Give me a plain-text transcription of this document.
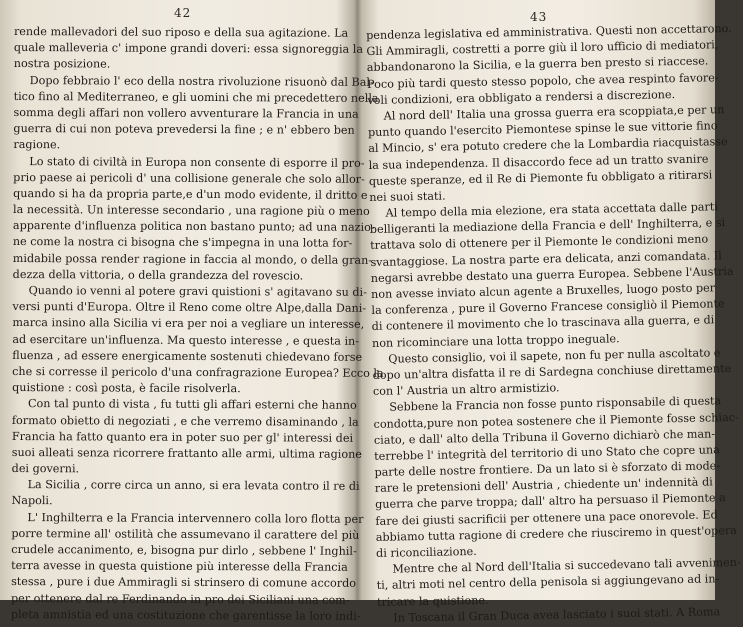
42
rende mallevadori del suo riposo e della sua agitazione. La
quale malleveria c' impone grandi doveri: essa signoreggia la
nostra posizione.
Dopo febbraio l' eco della nostra rivoluzione risuonò dal Bal-
tico fino al Mediterraneo, e gli uomini che mi precedettero nella
somma degli affari non vollero avventurare la Francia in una
guerra di cui non poteva prevedersi la fine ; e n' ebbero ben
ragione.
Lo stato di civiltà in Europa non consente di esporre il pro-
prio paese ai pericoli d' una collisione generale che solo allor-
quando si ha da propria parte,e d'un modo evidente, il dritto e
la necessità. Un interesse secondario , una ragione più o meno
apparente d'influenza politica non bastano punto; ad una nazio-
ne come la nostra ci bisogna che s'impegna in una lotta for-
midabile possa render ragione in faccia al mondo, o della gran-
dezza della vittoria, o della grandezza del rovescio.
Quando io venni al potere gravi quistioni s' agitavano su di-
versi punti d'Europa. Oltre il Reno come oltre Alpe,dalla Dani-
marca insino alla Sicilia vi era per noi a vegliare un interesse,
ad esercitare un'influenza. Ma questo interesse , e questa in-
fluenza , ad essere energicamente sostenuti chiedevano forse
che si corresse il pericolo d'una confragrazione Europea? Ecco la
quistione : così posta, è facile risolverla.
Con tal punto di vista , fu tutti gli affari esterni che hanno
formato obietto di negoziati , e che verremo disaminando , la
Francia ha fatto quanto era in poter suo per gl' interessi dei
suoi alleati senza ricorrere frattanto alle armi, ultima ragione
dei governi.
La Sicilia , corre circa un anno, si era levata contro il re di
Napoli.
L' Inghilterra e la Francia intervennero colla loro flotta per
porre termine all' ostilità che assumevano il carattere del più
crudele accanimento, e, bisogna pur dirlo , sebbene l' Inghil-
terra avesse in questa quistione più interesse della Francia
stessa , pure i due Ammiragli si strinsero di comune accordo
per ottenere dal re Ferdinando in pro dei Siciliani una com-
pleta amnistia ed una costituzione che garentisse la loro indi-
43
pendenza legislativa ed amministrativa. Questi non accettarono.
Gli Ammiragli, costretti a porre giù il loro ufficio di mediatori,
abbandonarono la Sicilia, e la guerra ben presto si riaccese.
Poco più tardi questo stesso popolo, che avea respinto favore-
voli condizioni, era obbligato a rendersi a discrezione.
Al nord dell' Italia una grossa guerra era scoppiata,e per un
punto quando l'esercito Piemontese spinse le sue vittorie fino
al Mincio, s' era potuto credere che la Lombardia riacquistasse
la sua independenza. Il disaccordo fece ad un tratto svanire
queste speranze, ed il Re di Piemonte fu obbligato a ritirarsi
nei suoi stati.
Al tempo della mia elezione, era stata accettata dalle parti
belligeranti la mediazione della Francia e dell' Inghilterra, e si
trattava solo di ottenere per il Piemonte le condizioni meno
svantaggiose. La nostra parte era delicata, anzi comandata. Il
negarsi avrebbe destato una guerra Europea. Sebbene l'Austria
non avesse inviato alcun agente a Bruxelles, luogo posto per
la conferenza , pure il Governo Francese consigliò il Piemonte
di contenere il movimento che lo trascinava alla guerra, e di
non ricominciare una lotta troppo ineguale.
Questo consiglio, voi il sapete, non fu per nulla ascoltato e
dopo un'altra disfatta il re di Sardegna conchiuse direttamente
con l' Austria un altro armistizio.
Sebbene la Francia non fosse punto risponsabile di questa
condotta,pure non potea sostenere che il Piemonte fosse schiac-
ciato, e dall' alto della Tribuna il Governo dichiarò che man-
terrebbe l' integrità del territorio di uno Stato che copre una
parte delle nostre frontiere. Da un lato si è sforzato di mode-
rare le pretensioni dell' Austria , chiedente un' indennità di
guerra che parve troppa; dall' altro ha persuaso il Piemonte a
fare dei giusti sacrificii per ottenere una pace onorevole. Ed
abbiamo tutta ragione di credere che riusciremo in quest'opera
di riconciliazione.
Mentre che al Nord dell'Italia si succedevano tali avvenimen-
ti, altri moti nel centro della penisola si aggiungevano ad in-
tricare la quistione.
In Toscana il Gran Duca avea lasciato i suoi stati. A Roma
